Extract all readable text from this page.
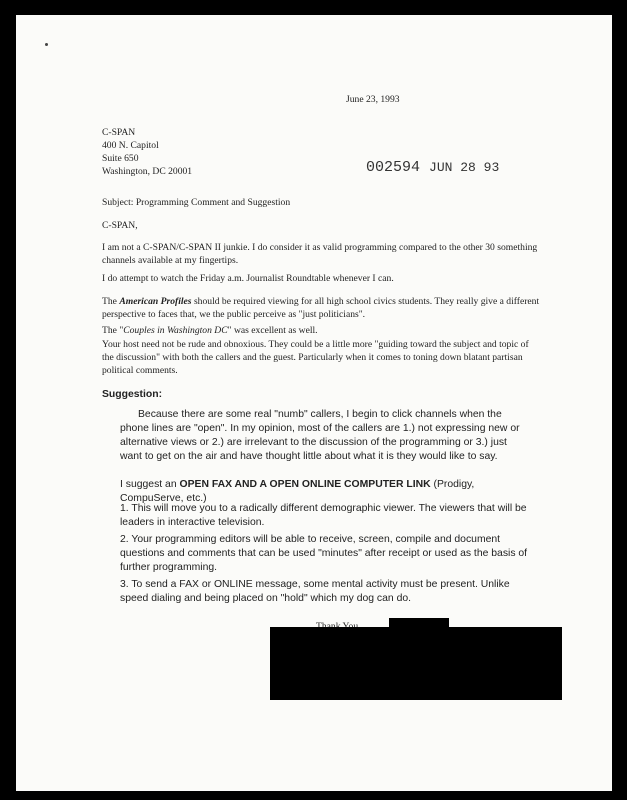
June 23, 1993
C-SPAN
400 N. Capitol
Suite 650
Washington, DC 20001	002594 JUN 28 93
Subject: Programming Comment and Suggestion
C-SPAN,
I am not a C-SPAN/C-SPAN II junkie. I do consider it as valid programming compared to the other 30 something channels available at my fingertips.
I do attempt to watch the Friday a.m. Journalist Roundtable whenever I can.
The American Profiles should be required viewing for all high school civics students. They really give a different perspective to faces that, we the public perceive as "just politicians".
The "Couples in Washington DC" was excellent as well.
Your host need not be rude and obnoxious. They could be a little more "guiding toward the subject and topic of the discussion" with both the callers and the guest. Particularly when it comes to toning down blatant partisan political comments.
Suggestion:
Because there are some real "numb" callers, I begin to click channels when the phone lines are "open". In my opinion, most of the callers are 1.) not expressing new or alternative views or 2.) are irrelevant to the discussion of the programming or 3.) just want to get on the air and have thought little about what it is they would like to say.
I suggest an OPEN FAX AND A OPEN ONLINE COMPUTER LINK (Prodigy, CompuServe, etc.)
1. This will move you to a radically different demographic viewer. The viewers that will be leaders in interactive television.
2. Your programming editors will be able to receive, screen, compile and document questions and comments that can be used "minutes" after receipt or used as the basis of further programming.
3. To send a FAX or ONLINE message, some mental activity must be present. Unlike speed dialing and being placed on "hold" which my dog can do.
